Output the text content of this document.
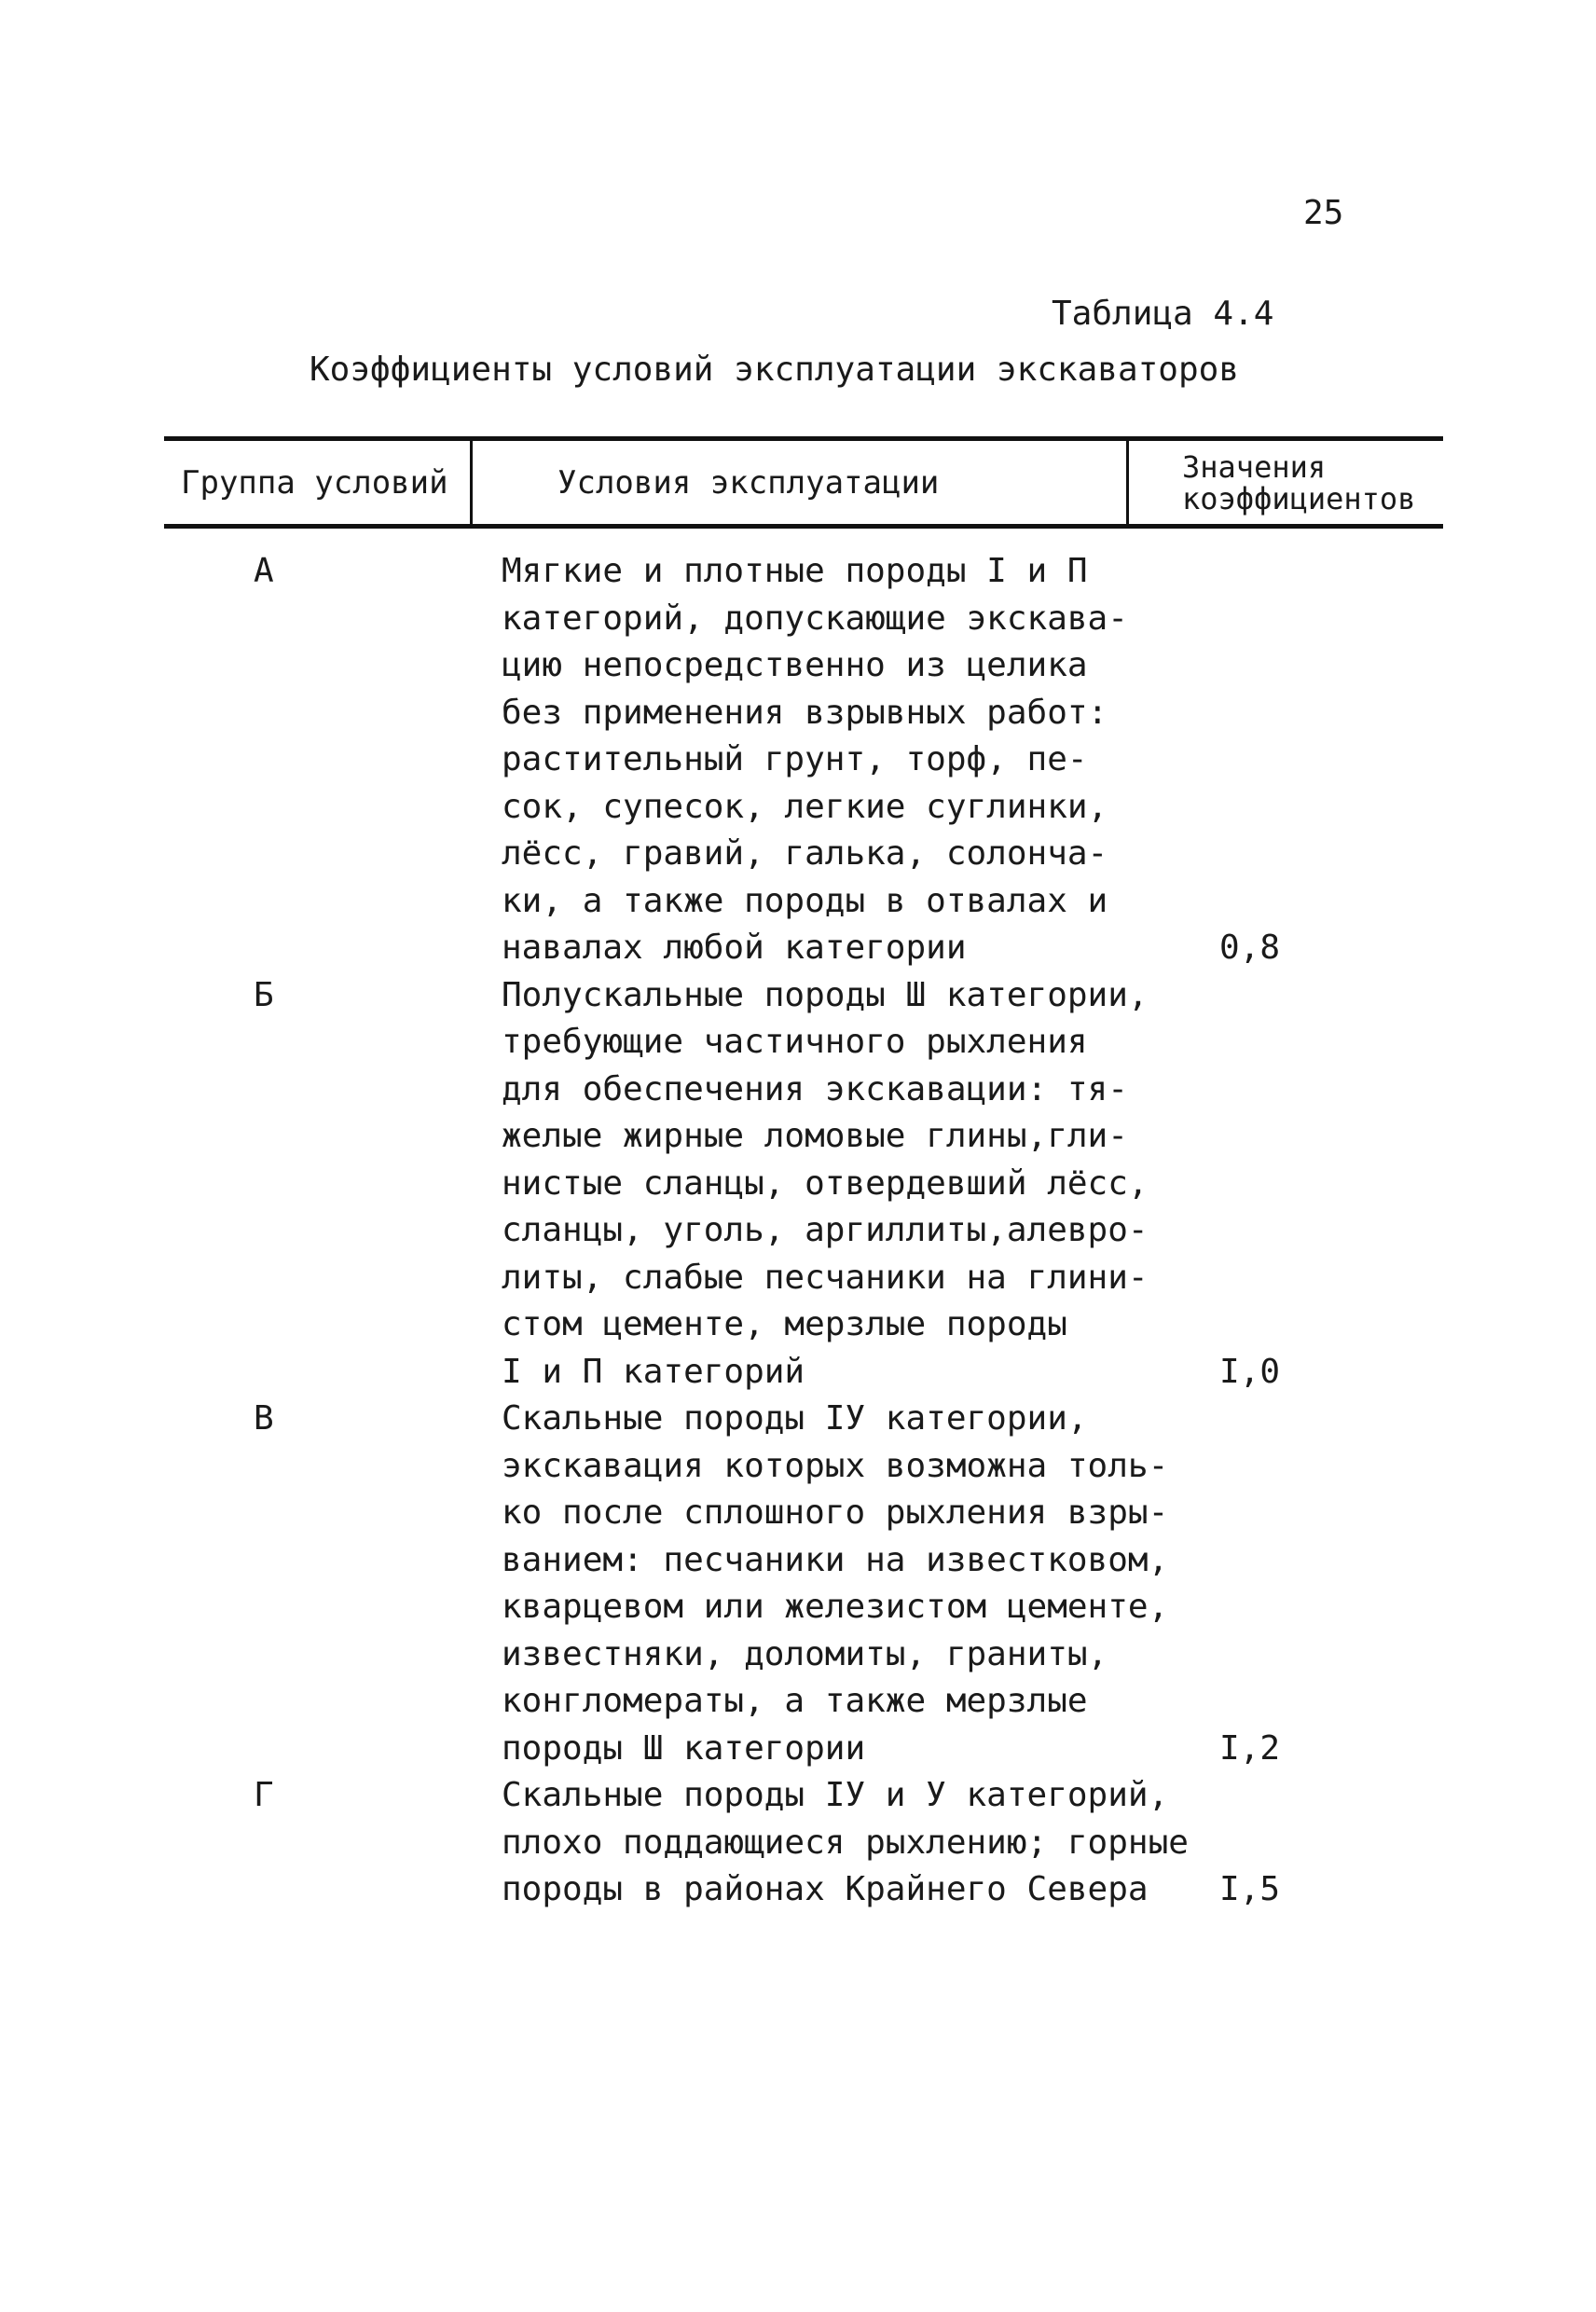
25
Таблица 4.4
Коэффициенты условий эксплуатации экскаваторов
Группа условий	Условия эксплуатации	Значения
коэффициентов
А	Мягкие и плотные породы I и П
категорий, допускающие экскава-
цию непосредственно из целика
без применения взрывных работ:
растительный грунт, торф, пе-
сок, супесок, легкие суглинки,
лёсс, гравий, галька, солонча-
ки, а также породы в отвалах и
навалах любой категории	0,8
Б	Полускальные породы Ш категории,
требующие частичного рыхления
для обеспечения экскавации: тя-
желые жирные ломовые глины,гли-
нистые сланцы, отвердевший лёсс,
сланцы, уголь, аргиллиты,алевро-
литы, слабые песчаники на глини-
стом цементе, мерзлые породы
I и П категорий	I,0
В	Скальные породы IУ категории,
экскавация которых возможна толь-
ко после сплошного рыхления взры-
ванием: песчаники на известковом,
кварцевом или железистом цементе,
известняки, доломиты, граниты,
конгломераты, а также мерзлые
породы Ш категории	I,2
Г	Скальные породы IУ и У категорий,
плохо поддающиеся рыхлению; горные
породы в районах Крайнего Севера	I,5
